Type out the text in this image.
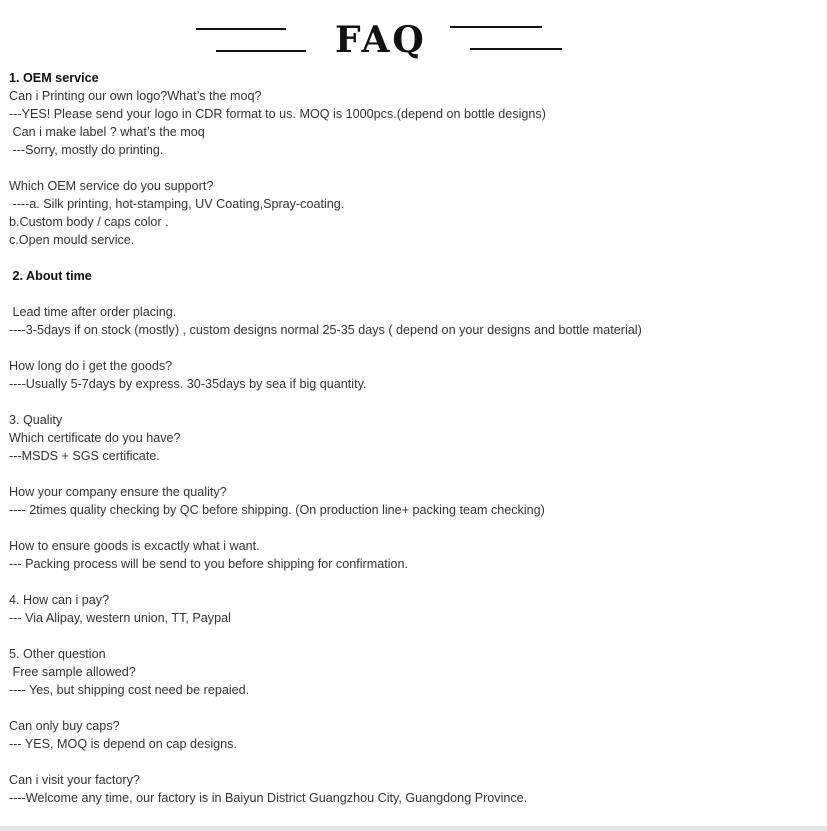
FAQ
1. OEM service
Can i Printing our own logo?What’s the moq?
---YES! Please send your logo in CDR format to us. MOQ is 1000pcs.(depend on bottle designs)
Can i make label ? what’s the moq
---Sorry, mostly do printing.
Which OEM service do you support?
----a. Silk printing, hot-stamping, UV Coating,Spray-coating.
b.Custom body / caps color .
c.Open mould service.
2. About time
Lead time after order placing.
----3-5days if on stock (mostly) , custom designs normal 25-35 days ( depend on your designs and bottle material)
How long do i get the goods?
----Usually 5-7days by express. 30-35days by sea if big quantity.
3. Quality
Which certificate do you have?
---MSDS + SGS certificate.
How your company ensure the quality?
---- 2times quality checking by QC before shipping. (On production line+ packing team checking)
How to ensure goods is excactly what i want.
--- Packing process will be send to you before shipping for confirmation.
4. How can i pay?
--- Via Alipay, western union, TT, Paypal
5. Other question
Free sample allowed?
---- Yes, but shipping cost need be repaied.
Can only buy caps?
--- YES, MOQ is depend on cap designs.
Can i visit your factory?
----Welcome any time, our factory is in Baiyun District Guangzhou City, Guangdong Province.
